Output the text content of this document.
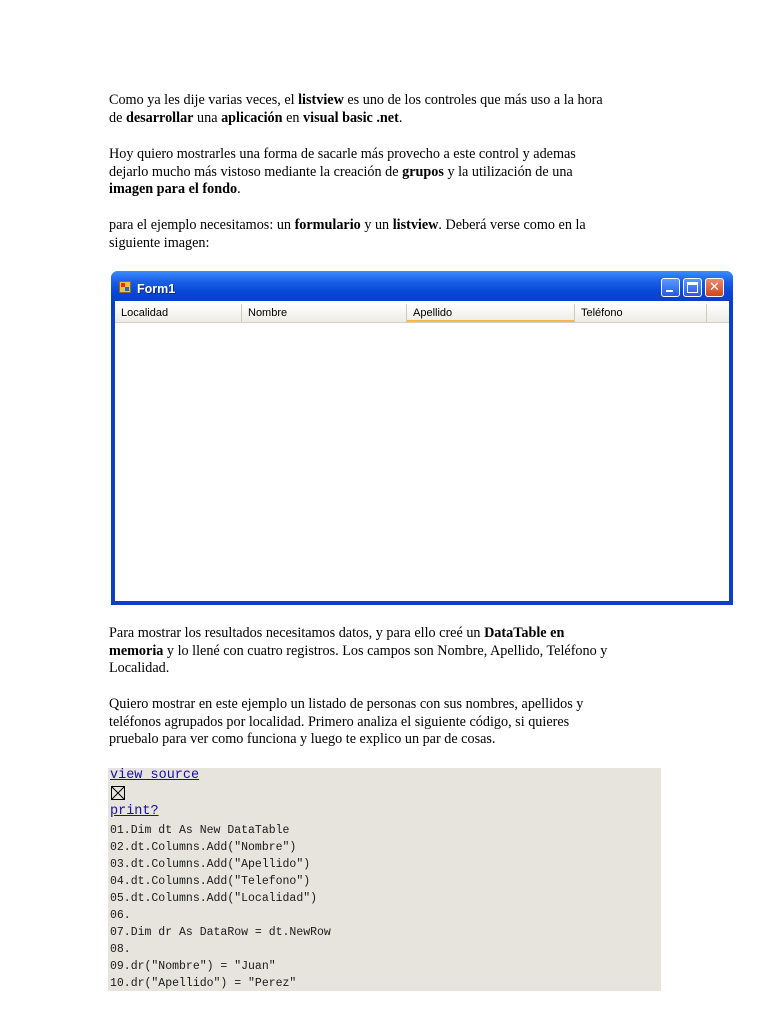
Como ya les dije varias veces, el listview es uno de los controles que más uso a la hora
de desarrollar una aplicación en visual basic .net.

Hoy quiero mostrarles una forma de sacarle más provecho a este control y ademas
dejarlo mucho más vistoso mediante la creación de grupos y la utilización de una
imagen para el fondo.

para el ejemplo necesitamos: un formulario y un listview. Deberá verse como en la
siguiente imagen:

Form1	✕
Localidad	Nombre	Apellido	Teléfono

Para mostrar los resultados necesitamos datos, y para ello creé un DataTable en
memoria y lo llené con cuatro registros. Los campos son Nombre, Apellido, Teléfono y
Localidad.

Quiero mostrar en este ejemplo un listado de personas con sus nombres, apellidos y
teléfonos agrupados por localidad. Primero analiza el siguiente código, si quieres
pruebalo para ver como funciona y luego te explico un par de cosas.

view source
print?
01.Dim dt As New DataTable
02.dt.Columns.Add("Nombre")
03.dt.Columns.Add("Apellido")
04.dt.Columns.Add("Telefono")
05.dt.Columns.Add("Localidad")
06.
07.Dim dr As DataRow = dt.NewRow
08.
09.dr("Nombre") = "Juan"
10.dr("Apellido") = "Perez"
